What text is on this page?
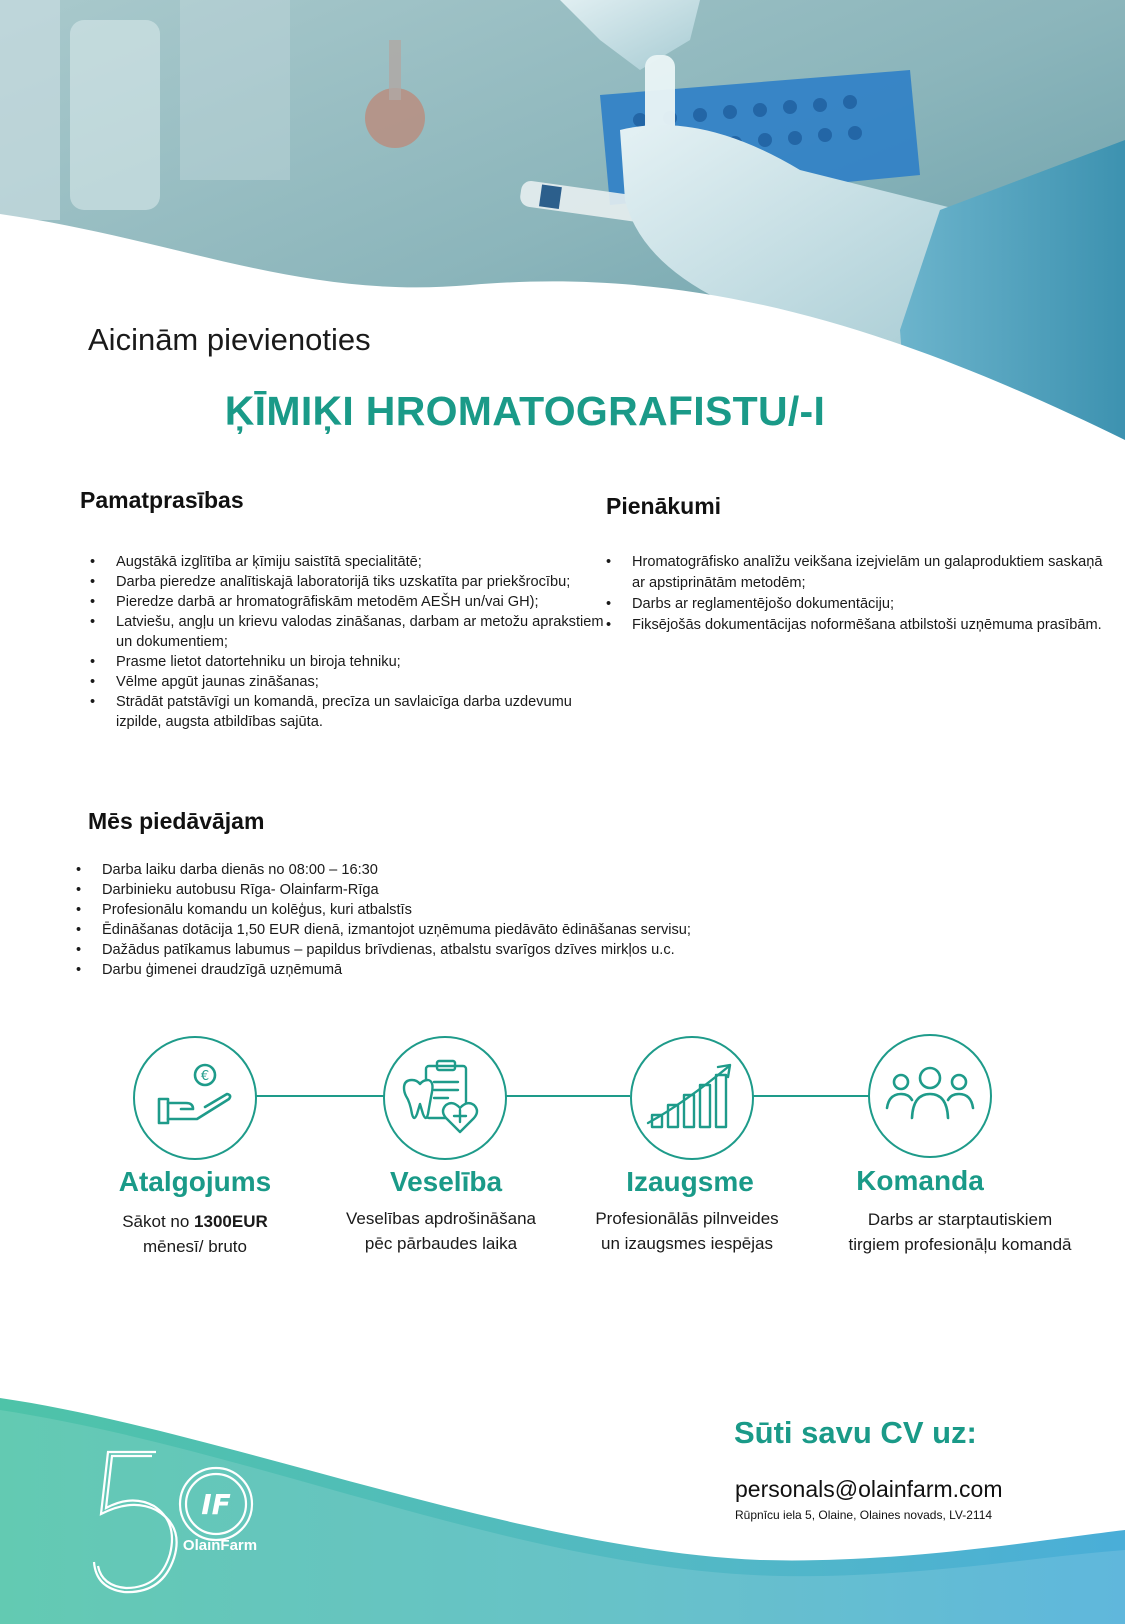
Aicinām pievienoties
ĶĪMIĶI HROMATOGRAFISTU/-I
Pamatprasības
• Augstākā izglītība ar ķīmiju saistītā specialitātē;
• Darba pieredze analītiskajā laboratorijā tiks uzskatīta par priekšrocību;
• Pieredze darbā ar hromatogrāfiskām metodēm AEŠH un/vai GH);
• Latviešu, angļu un krievu valodas zināšanas, darbam ar metožu aprakstiem un dokumentiem;
• Prasme lietot datortehniku un biroja tehniku;
• Vēlme apgūt jaunas zināšanas;
• Strādāt patstāvīgi un komandā, precīza un savlaicīga darba uzdevumu izpilde, augsta atbildības sajūta.
Pienākumi
• Hromatogrāfisko analīžu veikšana izejvielām un galaproduktiem saskaņā ar apstiprinātām metodēm;
• Darbs ar reglamentējošo dokumentāciju;
• Fiksējošās dokumentācijas noformēšana atbilstoši uzņēmuma prasībām.
Mēs piedāvājam
• Darba laiku darba dienās no 08:00 – 16:30
• Darbinieku autobusu Rīga- Olainfarm-Rīga
• Profesionālu komandu un kolēģus, kuri atbalstīs
• Ēdināšanas dotācija 1,50 EUR dienā, izmantojot uzņēmuma piedāvāto ēdināšanas servisu;
• Dažādus patīkamus labumus – papildus brīvdienas, atbalstu svarīgos dzīves mirkļos u.c.
• Darbu ģimenei draudzīgā uzņēmumā
€
Atalgojums
Sākot no 1300EUR
mēnesī/ bruto
Veselība
Veselības apdrošināšana
pēc pārbaudes laika
Izaugsme
Profesionālās pilnveides
un izaugsmes iespējas
Komanda
Darbs ar starptautiskiem
tirgiem profesionāļu komandā
IF
OlainFarm
Sūti savu CV uz:
personals@olainfarm.com
Rūpnīcu iela 5, Olaine, Olaines novads, LV-2114
